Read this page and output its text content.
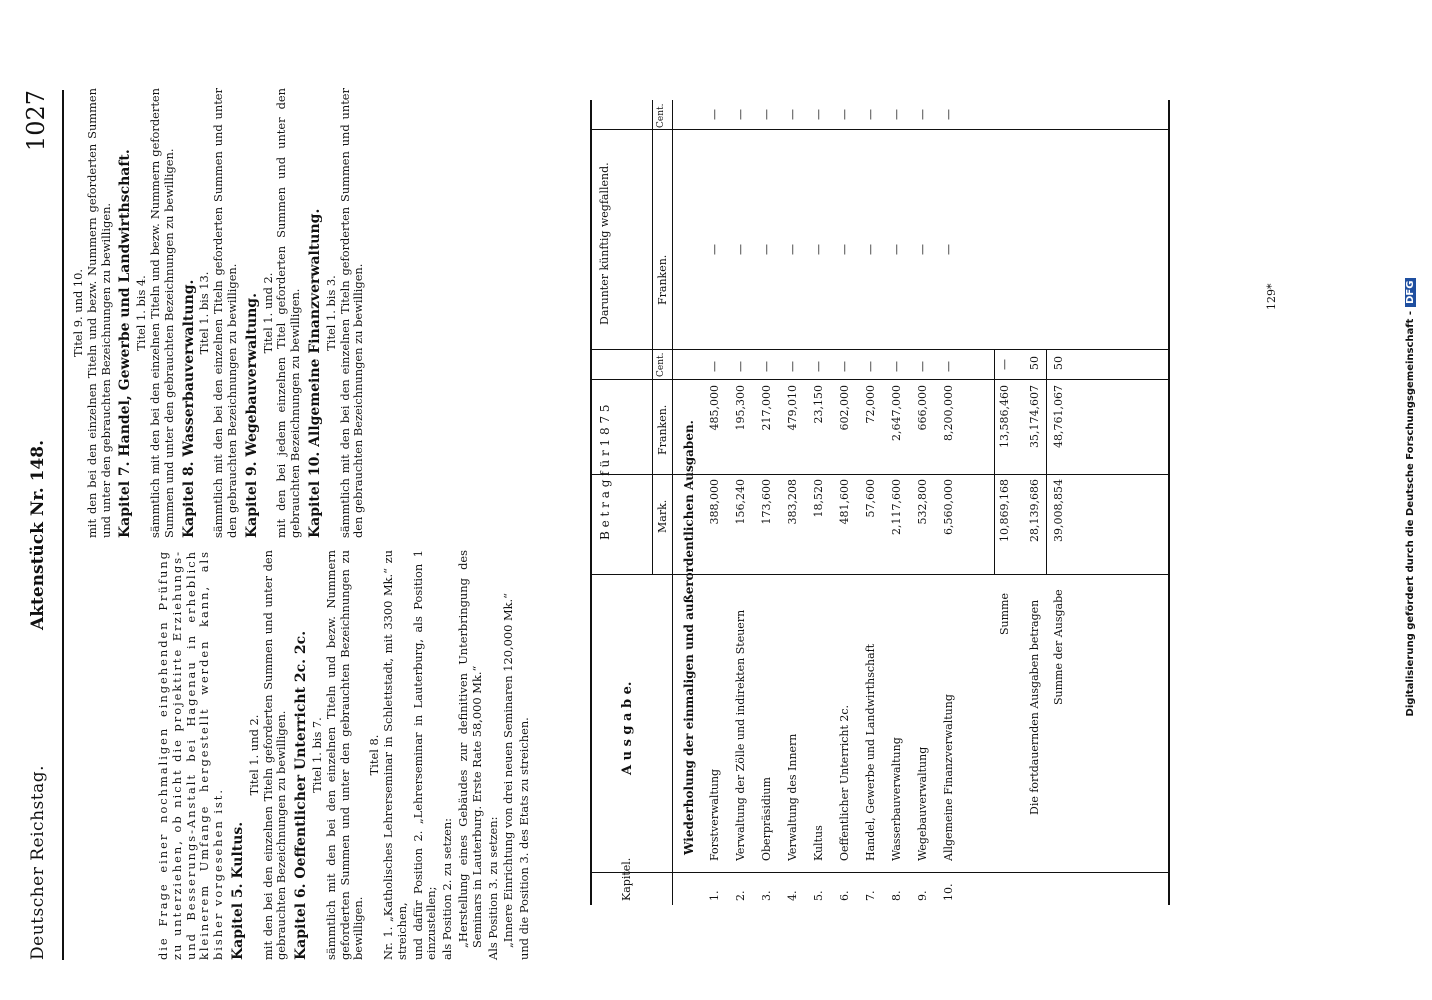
Deutscher Reichstag.
Aktenstück Nr. 148.
1027

die Frage einer nochmaligen eingehenden Prüfung zu unterziehen, ob nicht die projektirte Erziehungs- und Besserungs-Anstalt bei Hagenau in erheblich kleinerem Umfange hergestellt werden kann, als bisher vorgesehen ist. Kapitel 5. Kultus.

Titel 1. und 2. mit den bei den einzelnen Titeln geforderten Summen und unter den gebrauchten Bezeichnungen zu bewilligen. Kapitel 6. Oeffentlicher Unterricht 2c. 2c. Titel 1. bis 7. sämmtlich mit den bei den einzelnen Titeln und bezw. Nummern geforderten Summen und unter den gebrauchten Bezeichnungen zu bewilligen.

Titel 8. Nr. 1. „Katholisches Lehrerseminar in Schlettstadt, mit 3300 Mk.“ zu streichen, und dafür Position 2. „Lehrerseminar in Lauterburg, als Position 1 einzustellen; als Position 2. zu setzen: „Herstellung eines Gebäudes zur definitiven Unterbringung des Seminars in Lauterburg. Erste Rate 58,000 Mk.“ Als Position 3. zu setzen: „Innere Einrichtung von drei neuen Seminaren 120,000 Mk.“ und die Position 3. des Etats zu streichen.

Titel 9. und 10. mit den bei den einzelnen Titeln und bezw. Nummern geforderten Summen und unter den gebrauchten Bezeichnungen zu bewilligen. Kapitel 7. Handel, Gewerbe und Landwirthschaft. Titel 1. bis 4. sämmtlich mit den bei den einzelnen Titeln und bezw. Nummern geforderten Summen und unter den gebrauchten Bezeichnungen zu bewilligen. Kapitel 8. Wasserbauverwaltung. Titel 1. bis 13. sämmtlich mit den bei den einzelnen Titeln geforderten Summen und unter den gebrauchten Bezeichnungen zu bewilligen. Kapitel 9. Wegebauverwaltung. Titel 1. und 2. mit den bei jedem einzelnen Titel geforderten Summen und unter den gebrauchten Bezeichnungen zu bewilligen. Kapitel 10. Allgemeine Finanzverwaltung. Titel 1. bis 3. sämmtlich mit den bei den einzelnen Titeln geforderten Summen und unter den gebrauchten Bezeichnungen zu bewilligen.

Kapitel.
A u s g a b e.
B e t r a g f ü r 1 8 7 5
Darunter künftig wegfallend.
Mark.
Franken.
Cent.
Franken.
Cent.
Wiederholung der einmaligen und außerordentlichen Ausgaben.
1.
Forstverwaltung
388,000
485,000
—
—
—
2.
Verwaltung der Zölle und indirekten Steuern
156,240
195,300
—
—
—
3.
Oberpräsidium
173,600
217,000
—
—
—
4.
Verwaltung des Innern
383,208
479,010
—
—
—
5.
Kultus
18,520
23,150
—
—
—
6.
Oeffentlicher Unterricht 2c.
481,600
602,000
—
—
—
7.
Handel, Gewerbe und Landwirthschaft
57,600
72,000
—
—
—
8.
Wasserbauverwaltung
2,117,600
2,647,000
—
—
—
9.
Wegebauverwaltung
532,800
666,000
—
—
—
10.
Allgemeine Finanzverwaltung
6,560,000
8,200,000
—
—
—
Summe
10,869,168
13,586,460
—
Die fortdauernden Ausgaben betragen
28,139,686
35,174,607
50
Summe der Ausgabe
39,008,854
48,761,067
50
129*
Digitalisierung gefördert durch die Deutsche Forschungsgemeinschaft -DFG
